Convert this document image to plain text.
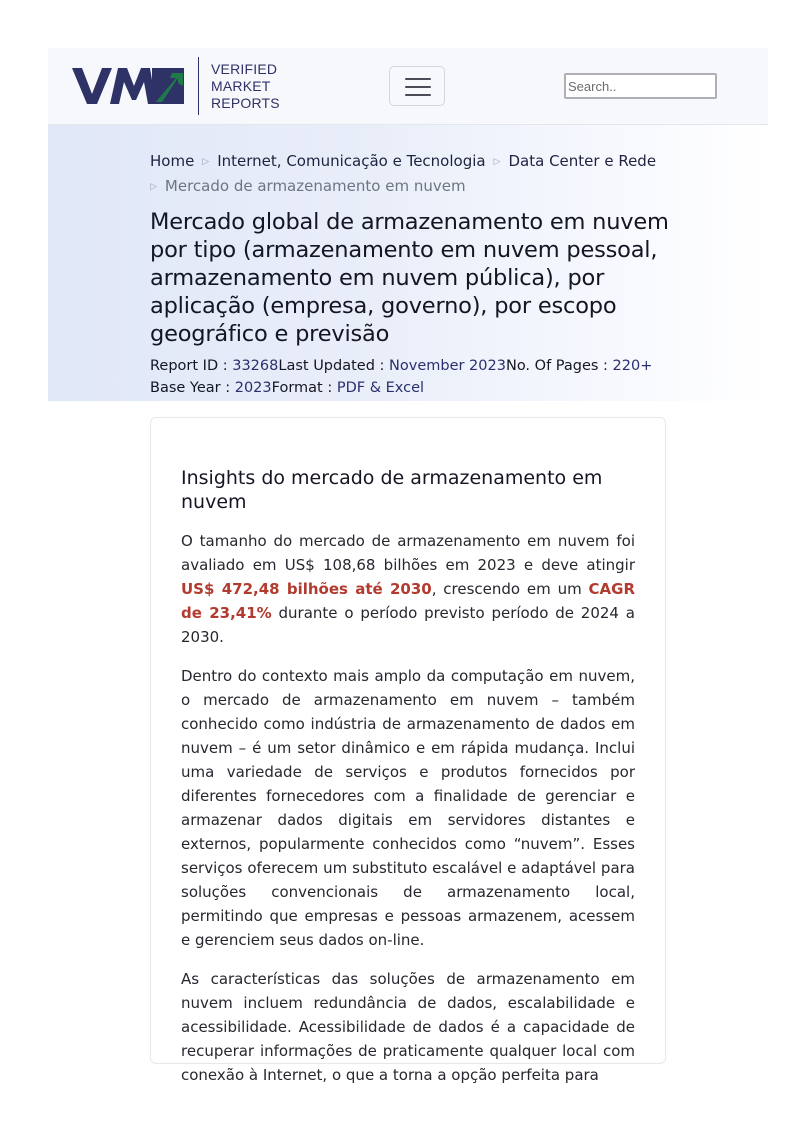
VERIFIED
MARKET
REPORTS
Search..
Home ▷ Internet, Comunicação e Tecnologia ▷ Data Center e Rede
▷ Mercado de armazenamento em nuvem
Mercado global de armazenamento em nuvem por tipo (armazenamento em nuvem pessoal, armazenamento em nuvem pública), por aplicação (empresa, governo), por escopo geográfico e previsão
Report ID : 33268Last Updated : November 2023No. Of Pages : 220+
Base Year : 2023Format : PDF & Excel
Insights do mercado de armazenamento em nuvem

O tamanho do mercado de armazenamento em nuvem foi avaliado em US$ 108,68 bilhões em 2023 e deve atingir US$ 472,48 bilhões até 2030, crescendo em um CAGR de 23,41% durante o período previsto período de 2024 a 2030.

Dentro do contexto mais amplo da computação em nuvem, o mercado de armazenamento em nuvem – também conhecido como indústria de armazenamento de dados em nuvem – é um setor dinâmico e em rápida mudança. Inclui uma variedade de serviços e produtos fornecidos por diferentes fornecedores com a finalidade de gerenciar e armazenar dados digitais em servidores distantes e externos, popularmente conhecidos como “nuvem”. Esses serviços oferecem um substituto escalável e adaptável para soluções convencionais de armazenamento local, permitindo que empresas e pessoas armazenem, acessem e gerenciem seus dados on-line.

As características das soluções de armazenamento em nuvem incluem redundância de dados, escalabilidade e acessibilidade. Acessibilidade de dados é a capacidade de recuperar informações de praticamente qualquer local com conexão à Internet, o que a torna a opção perfeita para
